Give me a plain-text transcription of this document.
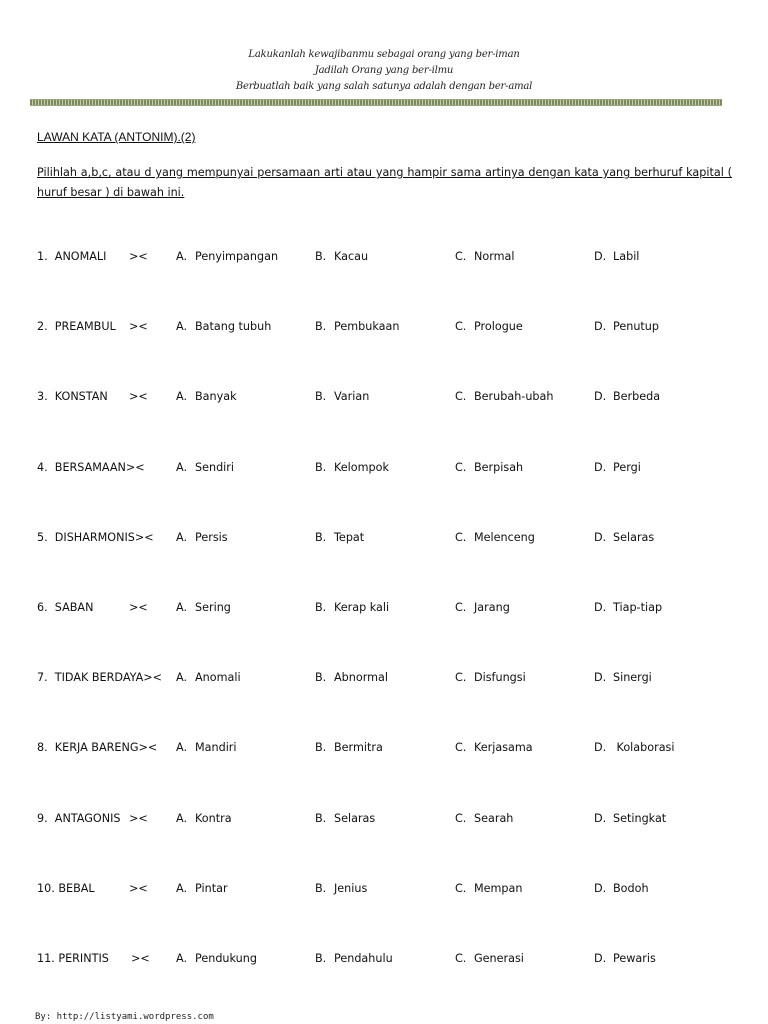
Lakukanlah kewajibanmu sebagai orang yang ber-iman
Jadilah Orang yang ber-ilmu
Berbuatlah baik yang salah satunya adalah dengan ber-amal
LAWAN KATA (ANTONIM).(2)
Pilihlah a,b,c, atau d yang mempunyai persamaan arti atau yang hampir sama artinya dengan kata yang berhuruf kapital ( huruf besar ) di bawah ini.
1.  ANOMALI ><	A. Penyimpangan	B. Kacau	C. Normal	D. Labil
2.  PREAMBUL ><	A. Batang tubuh	B. Pembukaan	C. Prologue	D. Penutup
3.  KONSTAN ><	A. Banyak	B. Varian	C. Berubah-ubah	D. Berbeda
4.  BERSAMAAN><	A. Sendiri	B. Kelompok	C. Berpisah	D. Pergi
5.  DISHARMONIS>< A. Persis	B. Tepat	C. Melenceng	D. Selaras
6.  SABAN	><	A. Sering	B. Kerap kali	C. Jarang	D. Tiap-tiap
7.  TIDAK BERDAYA>< A. Anomali	B. Abnormal	C. Disfungsi	D. Sinergi
8.  KERJA BARENG>< A. Mandiri	B. Bermitra	C. Kerjasama	D. Kolaborasi
9.  ANTAGONIS ><	A. Kontra	B. Selaras	C. Searah	D. Setingkat
10. BEBAL	><	A. Pintar	B. Jenius	C. Mempan	D. Bodoh
11. PERINTIS >< A. Pendukung	B. Pendahulu	C. Generasi	D. Pewaris
By: http://listyami.wordpress.com
